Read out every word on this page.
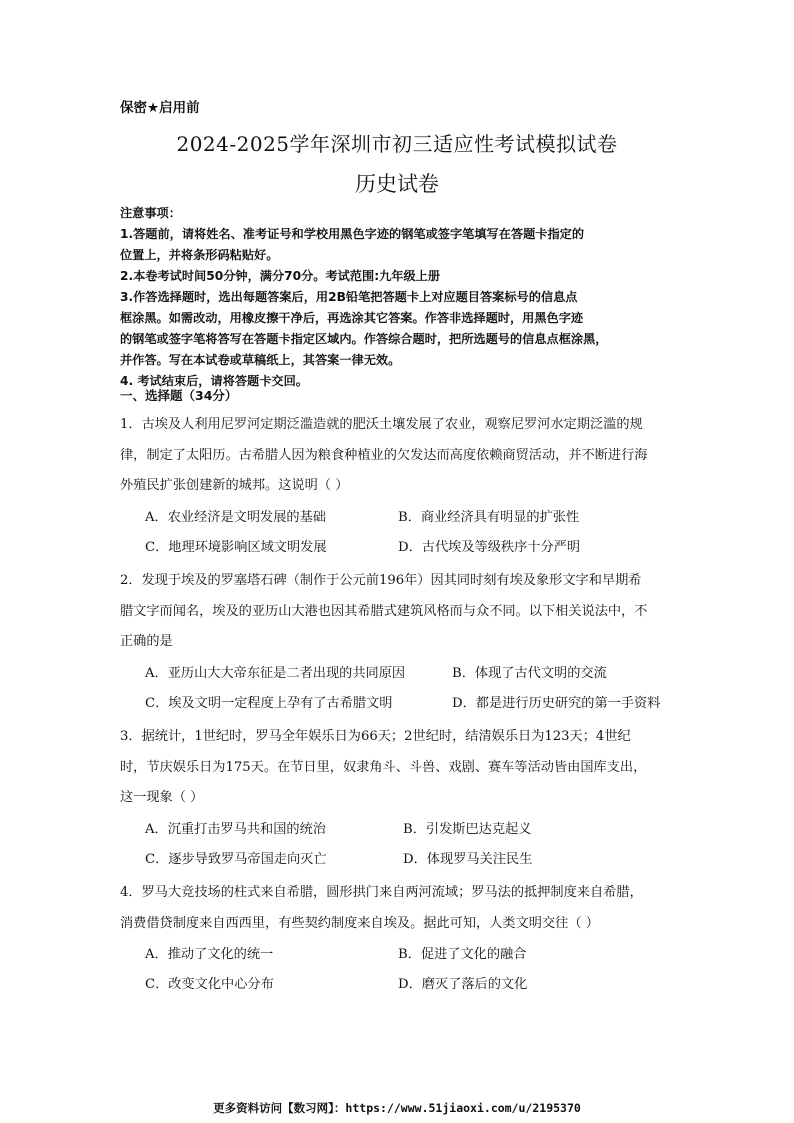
保密★启用前
2024-2025学年深圳市初三适应性考试模拟试卷
历史试卷
注意事项：
1.答题前，请将姓名、准考证号和学校用黑色字迹的钢笔或签字笔填写在答题卡指定的
位置上，并将条形码粘贴好。
2.本卷考试时间50分钟，满分70分。考试范围:九年级上册
3.作答选择题时，选出每题答案后，用2B铅笔把答题卡上对应题目答案标号的信息点
框涂黑。如需改动，用橡皮擦干净后，再选涂其它答案。作答非选择题时，用黑色字迹
的钢笔或签字笔将答写在答题卡指定区域内。作答综合题时，把所选题号的信息点框涂黑，
并作答。写在本试卷或草稿纸上，其答案一律无效。
4. 考试结束后，请将答题卡交回。
一、选择题（34分）
1．古埃及人利用尼罗河定期泛滥造就的肥沃土壤发展了农业，观察尼罗河水定期泛滥的规
律，制定了太阳历。古希腊人因为粮食种植业的欠发达而高度依赖商贸活动，并不断进行海
外殖民扩张创建新的城邦。这说明（ ）
A．农业经济是文明发展的基础	B．商业经济具有明显的扩张性
C．地理环境影响区域文明发展	D．古代埃及等级秩序十分严明
2．发现于埃及的罗塞塔石碑（制作于公元前196年）因其同时刻有埃及象形文字和早期希
腊文字而闻名，埃及的亚历山大港也因其希腊式建筑风格而与众不同。以下相关说法中，不
正确的是
A．亚历山大大帝东征是二者出现的共同原因	B．体现了古代文明的交流
C．埃及文明一定程度上孕有了古希腊文明	D．都是进行历史研究的第一手资料
3．据统计，1世纪时，罗马全年娱乐日为66天；2世纪时，结清娱乐日为123天；4世纪
时，节庆娱乐日为175天。在节日里，奴隶角斗、斗兽、戏剧、赛车等活动皆由国库支出，
这一现象（ ）
A．沉重打击罗马共和国的统治	B．引发斯巴达克起义
C．逐步导致罗马帝国走向灭亡	D．体现罗马关注民生
4．罗马大竞技场的柱式来自希腊，圆形拱门来自两河流域；罗马法的抵押制度来自希腊，
消费借贷制度来自西西里，有些契约制度来自埃及。据此可知，人类文明交往（ ）
A．推动了文化的统一	B．促进了文化的融合
C．改变文化中心分布	D．磨灭了落后的文化
更多资料访问【数习网】：https://www.51jiaoxi.com/u/2195370
